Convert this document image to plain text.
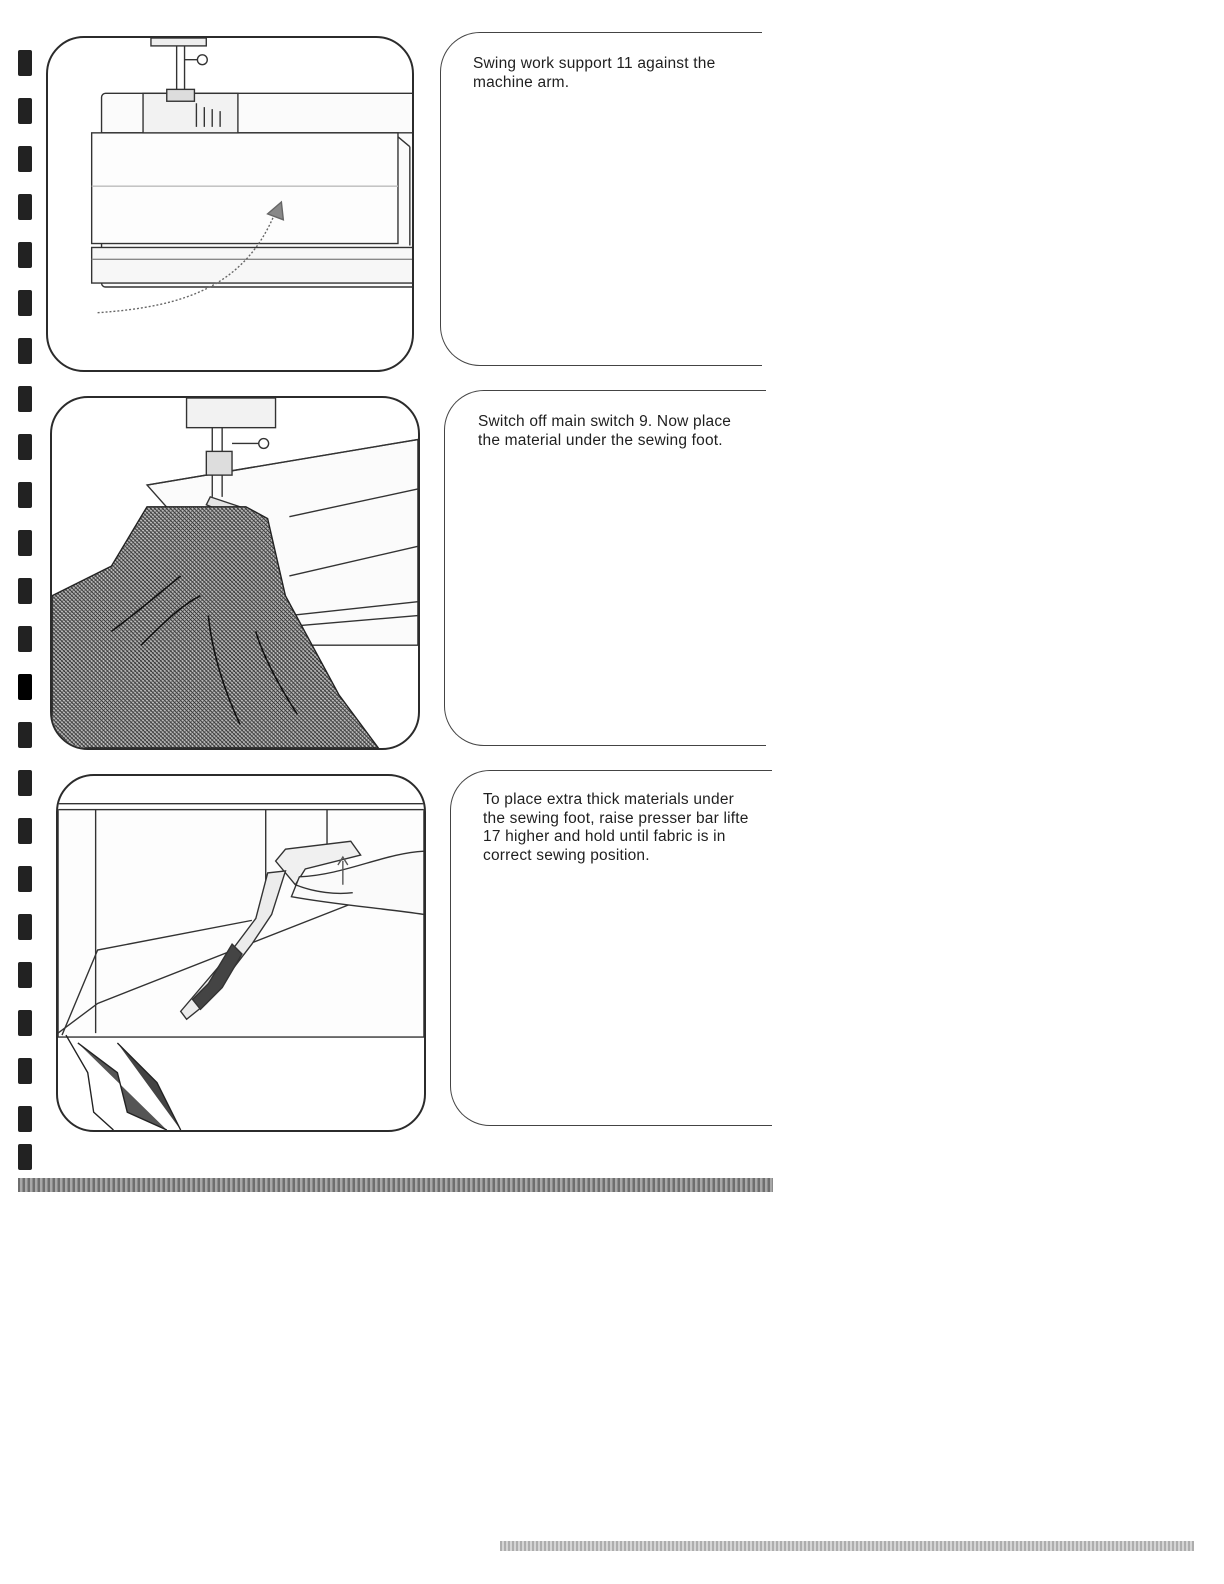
Swing work support 11 against the
machine arm.
Switch off main switch 9. Now place
the material under the sewing foot.
To place extra thick materials under
the sewing foot, raise presser bar lifte
17 higher and hold until fabric is in
correct sewing position.
